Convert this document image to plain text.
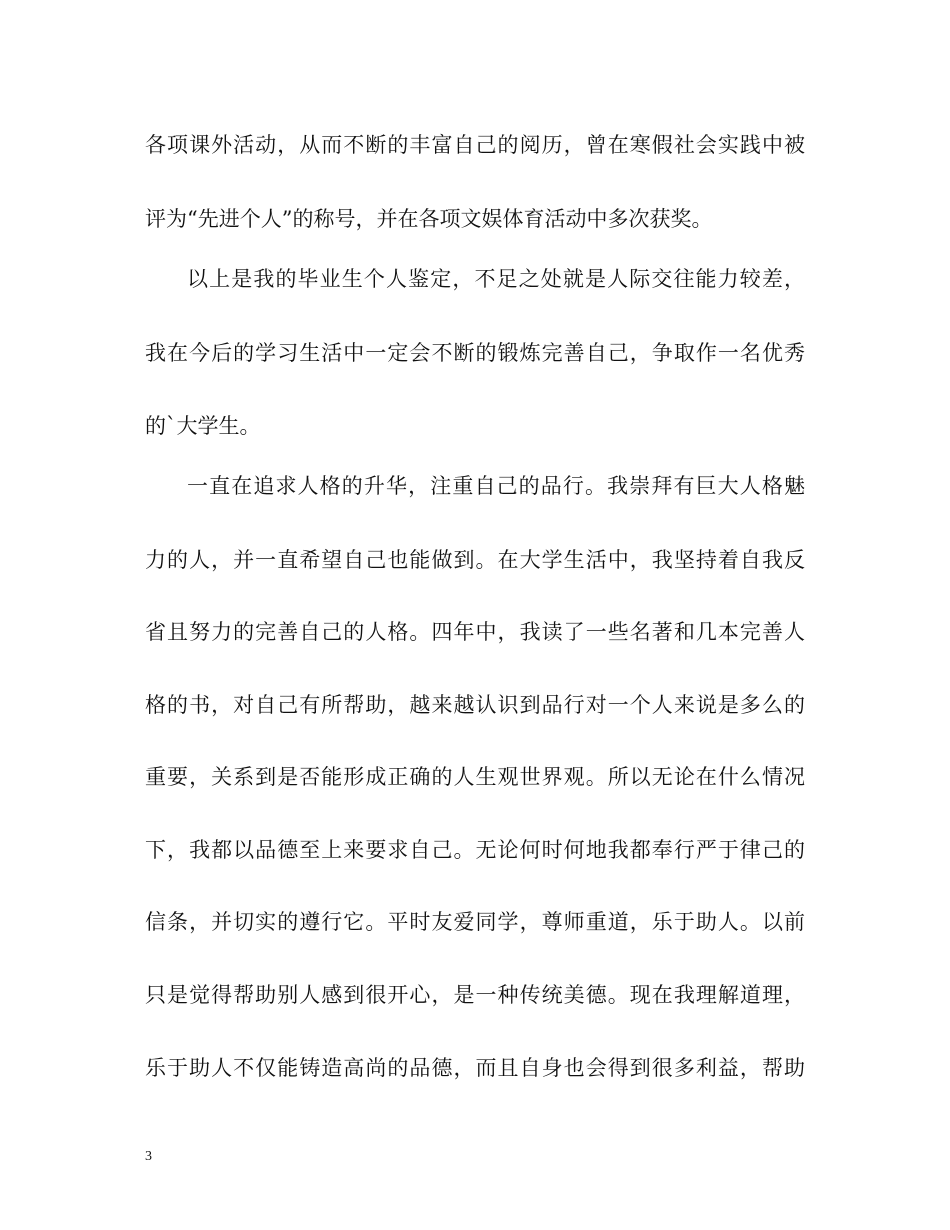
各项课外活动，从而不断的丰富自己的阅历，曾在寒假社会实践中被
评为“先进个人”的称号，并在各项文娱体育活动中多次获奖。
以上是我的毕业生个人鉴定，不足之处就是人际交往能力较差，
我在今后的学习生活中一定会不断的锻炼完善自己，争取作一名优秀
的`大学生。
一直在追求人格的升华，注重自己的品行。我崇拜有巨大人格魅
力的人，并一直希望自己也能做到。在大学生活中，我坚持着自我反
省且努力的完善自己的人格。四年中，我读了一些名著和几本完善人
格的书，对自己有所帮助，越来越认识到品行对一个人来说是多么的
重要，关系到是否能形成正确的人生观世界观。所以无论在什么情况
下，我都以品德至上来要求自己。无论何时何地我都奉行严于律己的
信条，并切实的遵行它。平时友爱同学，尊师重道，乐于助人。以前
只是觉得帮助别人感到很开心，是一种传统美德。现在我理解道理，
乐于助人不仅能铸造高尚的品德，而且自身也会得到很多利益，帮助
3
